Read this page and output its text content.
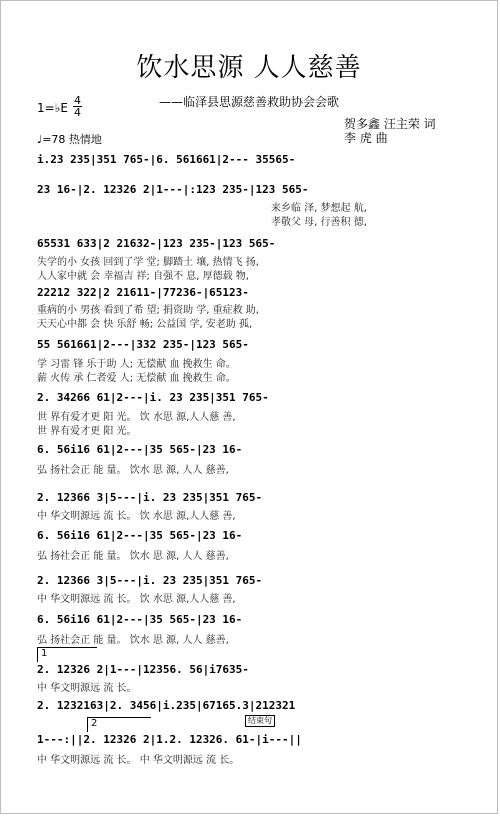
饮水思源 人人慈善
——临泽县思源慈善救助协会会歌
1=♭E
4
4
贺多鑫 汪主荣 词
李 虎 曲
♩=78 热情地
i.23 235|351 765-|6. 561661|2--- 35565-
23 16-|2. 12326 2|1---|:123 235-|123 565-
来乡临 泽, 梦想起 航,
孝敬父 母, 行善积 德,
65531 633|2 21632-|123 235-|123 565-
失学的小 女孩 回到了学 堂; 脚踏土 壤, 热情飞 扬,
人人家中就 会 幸福吉 祥; 自强不 息, 厚德载 物,
22212 322|2 21611-|77236-|65123-
重病的小 男孩 看到了希 望; 捐资助 学, 重症救 助,
天天心中都 会 快 乐舒 畅; 公益国 学, 安老助 孤,
55 561661|2---|332 235-|123 565-
学 习雷 锋 乐于助 人; 无偿献 血 挽救生 命。
薪 火传 承 仁者爱 人; 无偿献 血 挽救生 命。
2. 34266 61|2---|i. 23 235|351 765-
世 界有爱才更 阳 光。 饮 水思 源,人人慈 善,
世 界有爱才更 阳 光。
6. 56i16 61|2---|35 565-|23 16-
弘 扬社会正 能 量。 饮水 思 源, 人人 慈善,
2. 12366 3|5---|i. 23 235|351 765-
中 华文明源远 流 长。 饮 水思 源,人人慈 善,
6. 56i16 61|2---|35 565-|23 16-
弘 扬社会正 能 量。 饮水 思 源, 人人 慈善,
2. 12366 3|5---|i. 23 235|351 765-
中 华文明源远 流 长。 饮 水思 源,人人慈 善,
6. 56i16 61|2---|35 565-|23 16-
弘 扬社会正 能 量。 饮水 思 源, 人人 慈善,
1
2. 12326 2|1---|12356. 56|i7635-
中 华文明源远 流 长。
2. 1232163|2. 3456|i.235|67165.3|212321
2	结束句
1---:||2. 12326 2|1.2. 12326. 61-|i---||
中 华文明源远 流 长。 中 华文明源远 流 长。
